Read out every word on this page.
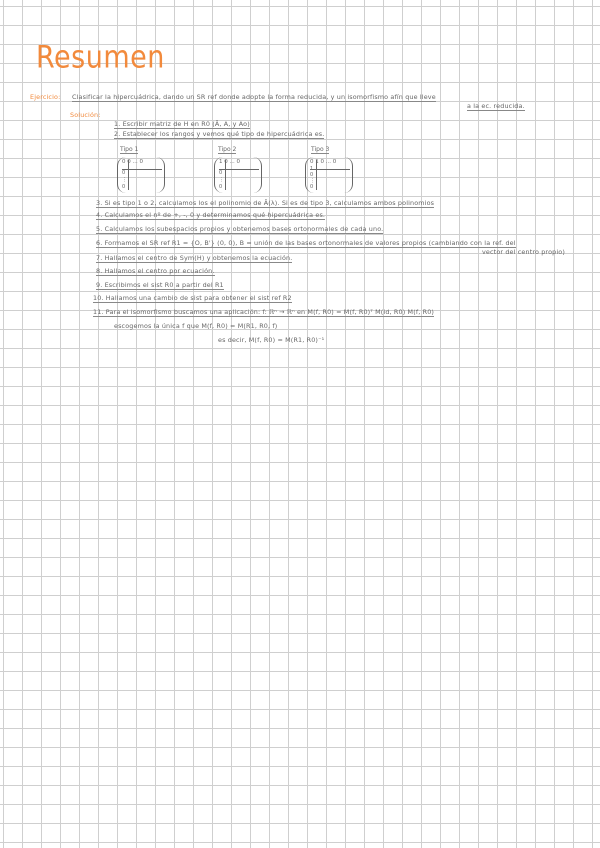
Resumen
Ejercicio: Clasificar la hipercuádrica, dando un SR ref donde adopte la forma reducida, y un isomorfismo afín que lleve
a la ec. reducida.
Solución:
1. Escribir matriz de H en R0 (Ā, A, y Ao)
2. Establecer los rangos y vemos qué tipo de hipercuádrica es.
Tipo 1
0 0 ... 0
0
⋮
0
Tipo 2
1 0 ... 0
0
⋮
0
Tipo 3
0 1 0 ... 0
1
0
⋮
0
3. Si es tipo 1 o 2, calculamos los el polinomio de Ā(λ). Si es de tipo 3, calculamos ambos polinomios
4. Calculamos el nº de +, -, 0 y determinamos qué hipercuádrica es.
5. Calculamos los subespacios propios y obtenemos bases ortonormales de cada uno.
6. Formamos el SR ref R1 = {O, B'} (0, 0), B = unión de las bases ortonormales de valores propios (cambiando con la ref. del
vector del centro propio)
7. Hallamos el centro de Sym(H) y obtenemos la ecuación.
8. Hallamos el centro por ecuación.
9. Escribimos el sist R0 a partir del R1
10. Hallamos una cambio de sist para obtener el sist ref R2
11. Para el isomorfismo buscamos una aplicación: f: ℝⁿ → ℝⁿ en M(f, R0) = M(f, R0)ᵀ M(id, R0) M(f, R0)
escogemos la única f que M(f, R0) = M(R1, R0, f)
es decir, M(f, R0) = M(R1, R0)⁻¹
